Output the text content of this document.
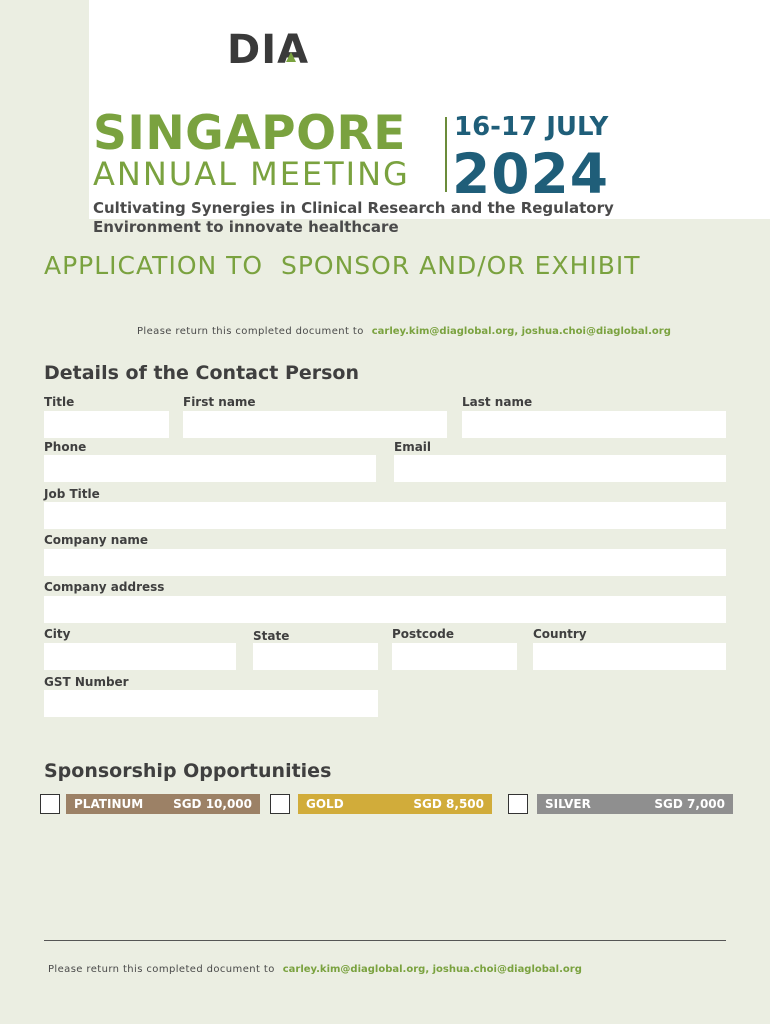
DIA
SINGAPORE
ANNUAL MEETING
16-17 JULY
2024
Cultivating Synergies in Clinical Research and the Regulatory Environment to innovate healthcare
APPLICATION TO  SPONSOR AND/OR EXHIBIT
Please return this completed document to carley.kim@diaglobal.org, joshua.choi@diaglobal.org
Details of the Contact Person
Title	First name	Last name
Phone	Email
Job Title
Company name
Company address
City	State	Postcode	Country
GST Number
Sponsorship Opportunities
PLATINUM SGD 10,000	GOLD	SGD 8,500	SILVER	SGD 7,000
Please return this completed document to carley.kim@diaglobal.org, joshua.choi@diaglobal.org
